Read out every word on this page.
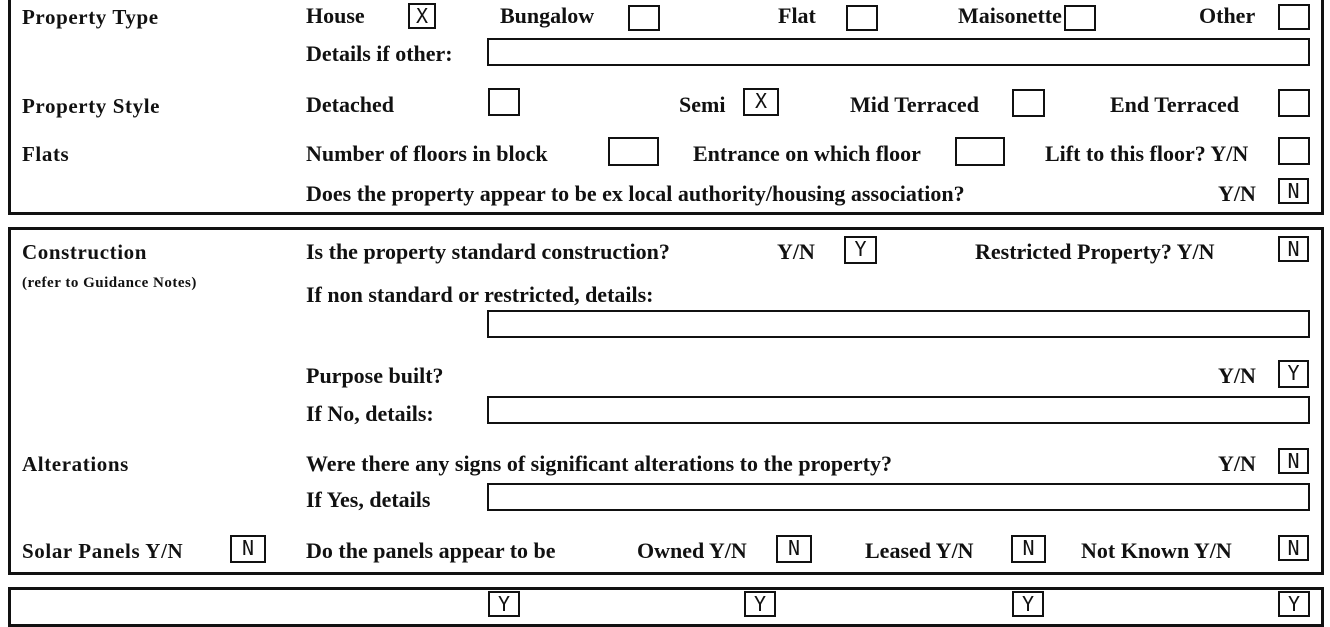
Property Type	House	X	Bungalow	Flat	Maisonette	Other
Details if other:
Property Style	Detached	Semi	X	Mid Terraced	End Terraced
Flats	Number of floors in block	Entrance on which floor	Lift to this floor? Y/N
Does the property appear to be ex local authority/housing association?	Y/N	N
Construction
(refer to Guidance Notes)
Is the property standard construction?	Y/N	Y	Restricted Property? Y/N	N
If non standard or restricted, details:
Purpose built?	Y/N	Y
If No, details:
Alterations	Were there any signs of significant alterations to the property?	Y/N	N
If Yes, details
Solar Panels Y/N	N	Do the panels appear to be	Owned Y/N	N	Leased Y/N	N	Not Known Y/N	N
Y	Y	Y	Y
